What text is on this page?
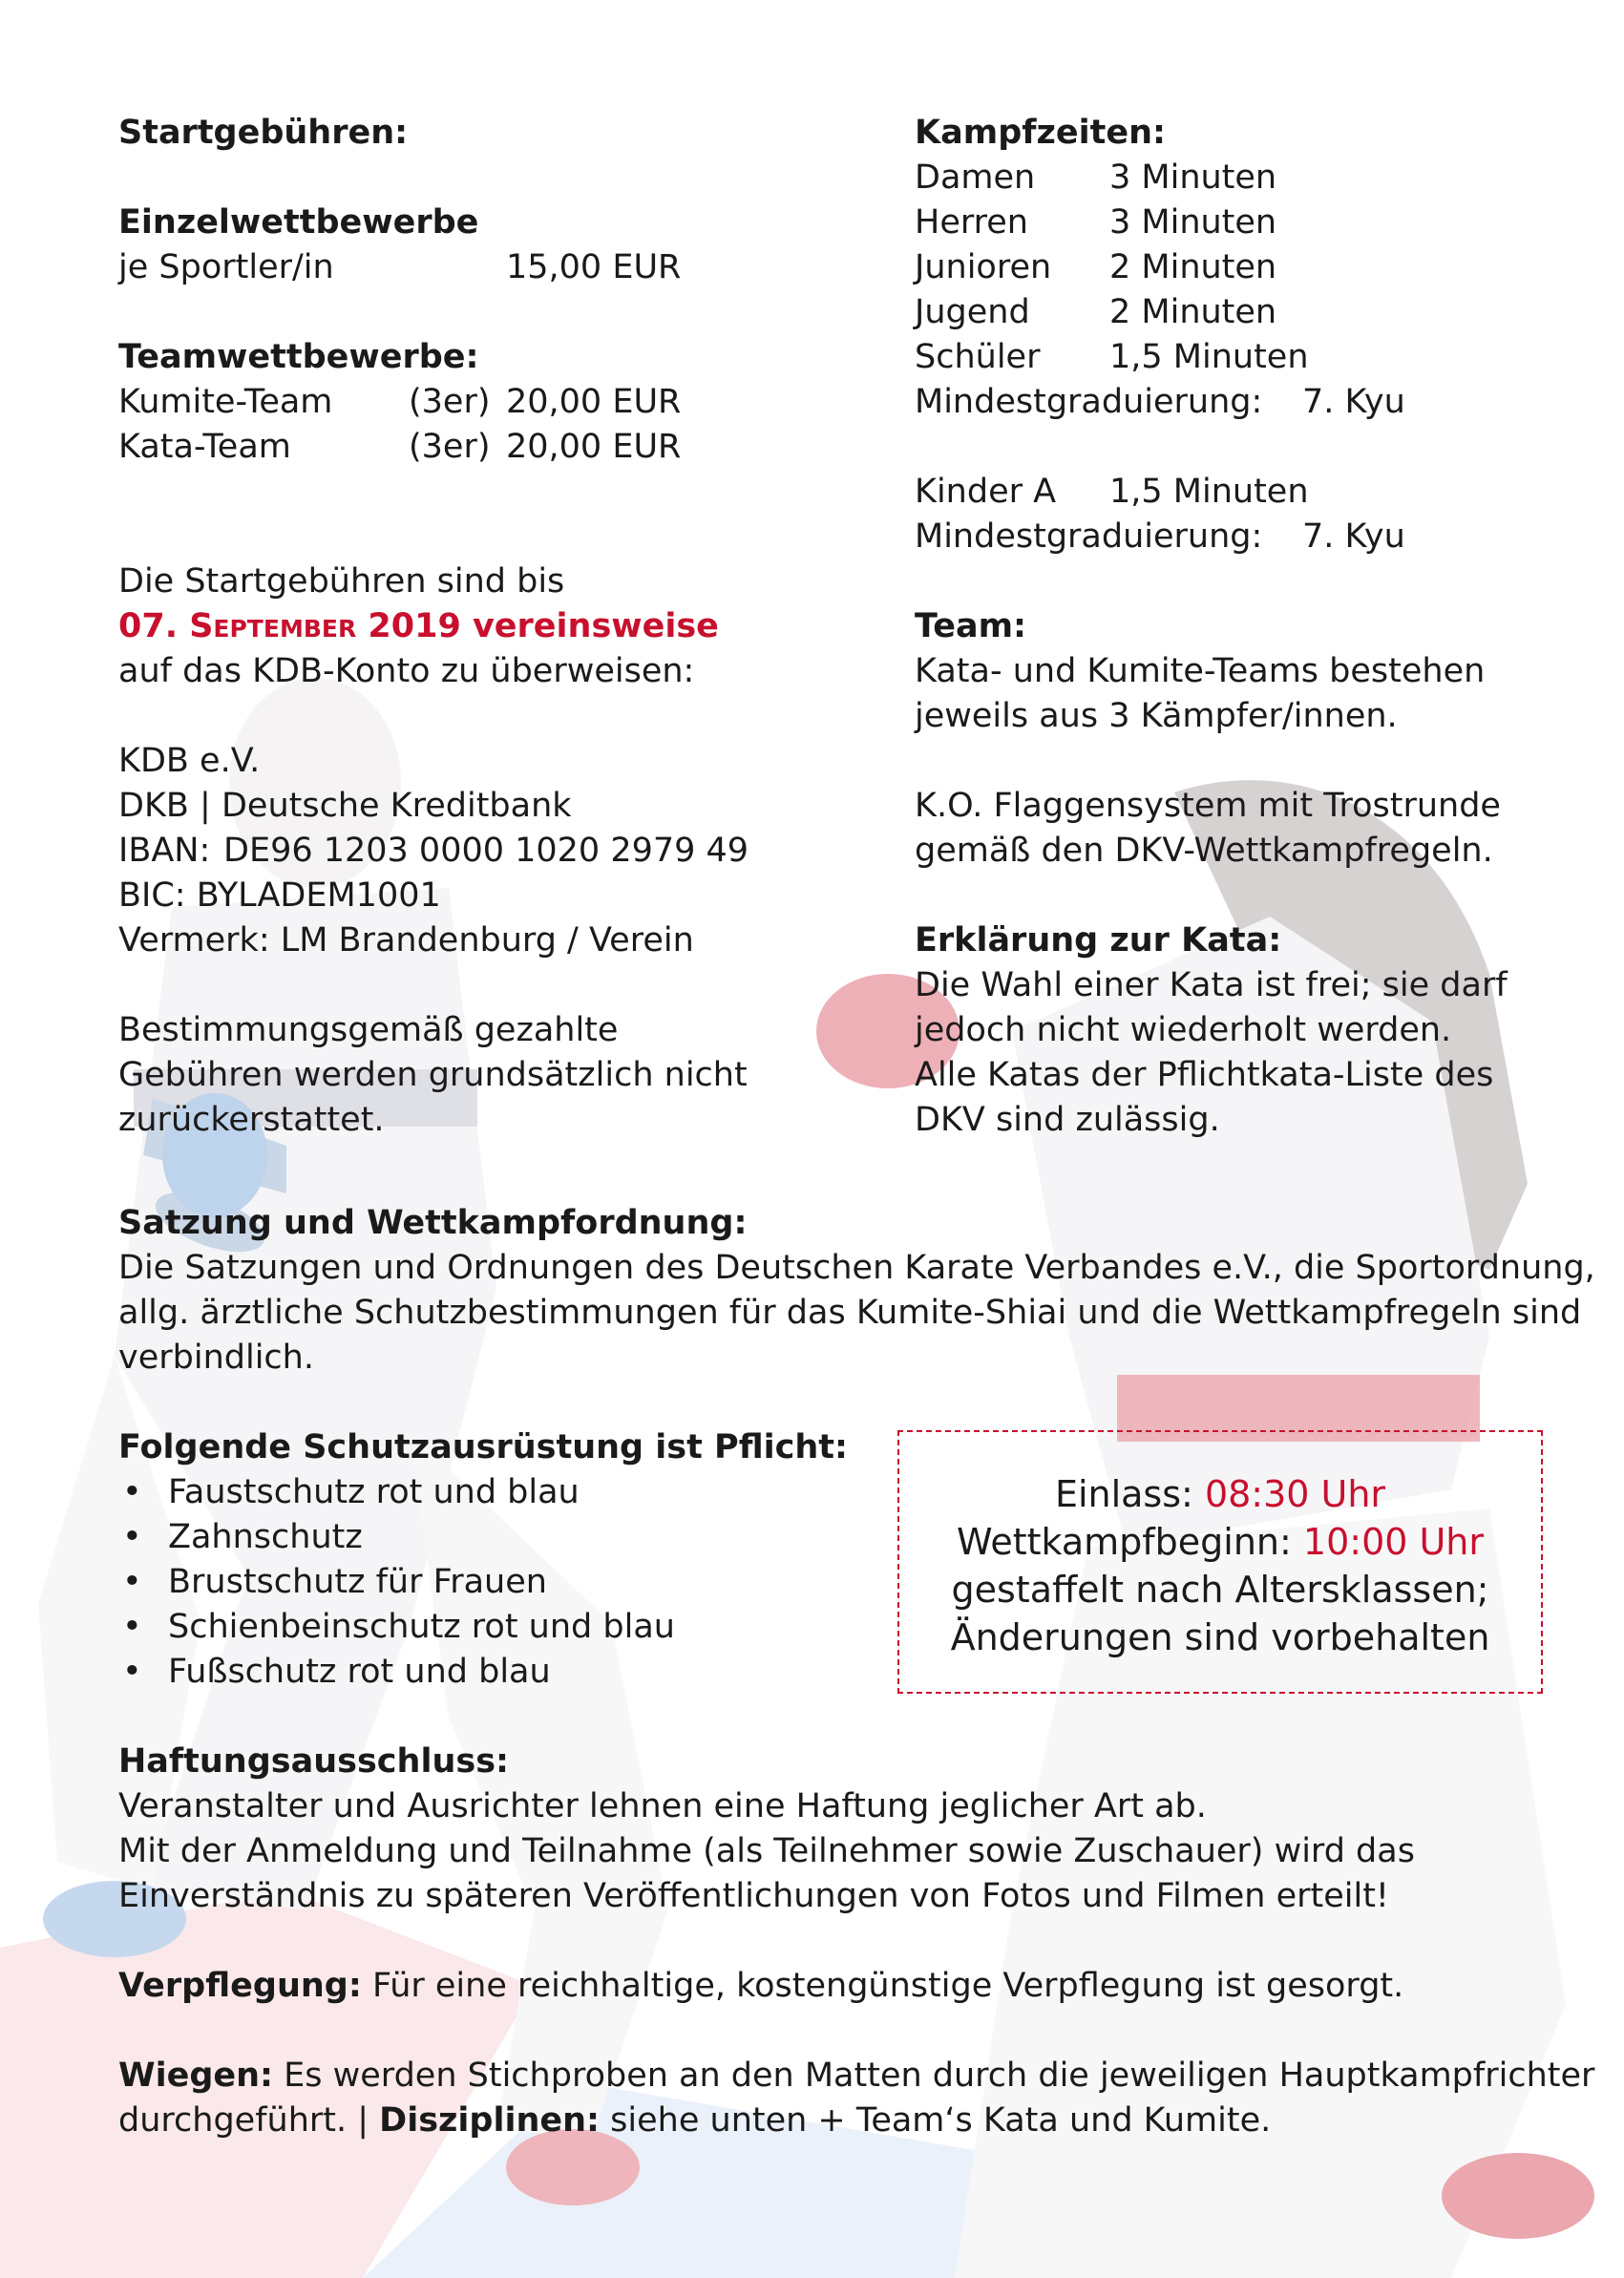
Startgebühren:
Einzelwettbewerbe
je Sportler/in	15,00 EUR
Teamwettbewerbe:
Kumite-Team (3er) 20,00 EUR
Kata-Team	(3er) 20,00 EUR
Die Startgebühren sind bis
07. September 2019 vereinsweise
auf das KDB-Konto zu überweisen:
KDB e.V.
DKB | Deutsche Kreditbank
IBAN: DE96 1203 0000 1020 2979 49
BIC: BYLADEM1001
Vermerk: LM Brandenburg / Verein
Bestimmungsgemäß gezahlte
Gebühren werden grundsätzlich nicht
zurückerstattet.
Kampfzeiten:
Damen 3 Minuten
Herren 3 Minuten
Junioren 2 Minuten
Jugend 2 Minuten
Schüler 1,5 Minuten
Mindestgraduierung: 7. Kyu
Kinder A 1,5 Minuten
Mindestgraduierung: 7. Kyu
Team:
Kata- und Kumite-Teams bestehen
jeweils aus 3 Kämpfer/innen.
K.O. Flaggensystem mit Trostrunde
gemäß den DKV-Wettkampfregeln.
Erklärung zur Kata:
Die Wahl einer Kata ist frei; sie darf
jedoch nicht wiederholt werden.
Alle Katas der Pflichtkata-Liste des
DKV sind zulässig.
Satzung und Wettkampfordnung:
Die Satzungen und Ordnungen des Deutschen Karate Verbandes e.V., die Sportordnung,
allg. ärztliche Schutzbestimmungen für das Kumite-Shiai und die Wettkampfregeln sind
verbindlich.
Folgende Schutzausrüstung ist Pflicht:
• Faustschutz rot und blau
• Zahnschutz
• Brustschutz für Frauen
• Schienbeinschutz rot und blau
• Fußschutz rot und blau
Haftungsausschluss:
Veranstalter und Ausrichter lehnen eine Haftung jeglicher Art ab.
Mit der Anmeldung und Teilnahme (als Teilnehmer sowie Zuschauer) wird das
Einverständnis zu späteren Veröffentlichungen von Fotos und Filmen erteilt!
Verpflegung: Für eine reichhaltige, kostengünstige Verpflegung ist gesorgt.
Wiegen: Es werden Stichproben an den Matten durch die jeweiligen Hauptkampfrichter
durchgeführt. | Disziplinen: siehe unten + Team‘s Kata und Kumite.
Einlass: 08:30 Uhr
Wettkampfbeginn: 10:00 Uhr
gestaffelt nach Altersklassen;
Änderungen sind vorbehalten
